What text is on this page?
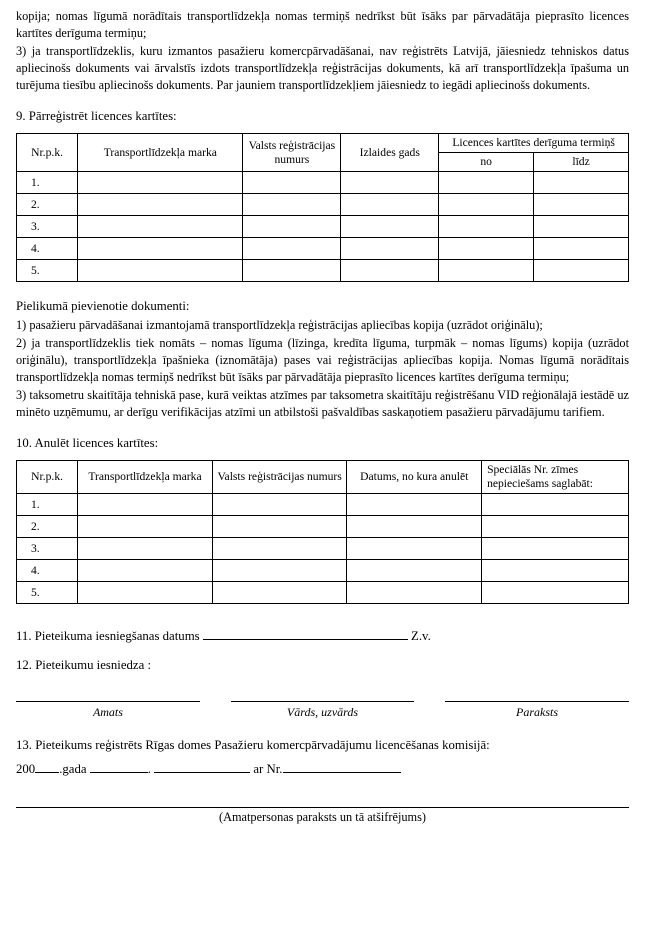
kopija; nomas līgumā norādītais transportlīdzekļa nomas termiņš nedrīkst būt īsāks par pārvadātāja pieprasīto licences kartītes derīguma termiņu;

3) ja transportlīdzeklis, kuru izmantos pasažieru komercpārvadāšanai, nav reģistrēts Latvijā, jāiesniedz tehniskos datus apliecinošs dokuments vai ārvalstīs izdots transportlīdzekļa reģistrācijas dokuments, kā arī transportlīdzekļa īpašuma un turējuma tiesību apliecinošs dokuments. Par jauniem transportlīdzekļiem jāiesniedz to iegādi apliecinošs dokuments.

9. Pārreģistrēt licences kartītes:
Nr.p.k.	Transportlīdzekļa marka	Valsts reģistrācijas numurs	Izlaides gads	Licences kartītes derīguma termiņš	
				no	līdz
1.					
2.					
3.					
4.					
5.					
Pielikumā pievienotie dokumenti:

1) pasažieru pārvadāšanai izmantojamā transportlīdzekļa reģistrācijas apliecības kopija (uzrādot oriģinālu);

2) ja transportlīdzeklis tiek nomāts – nomas līguma (līzinga, kredīta līguma, turpmāk – nomas līgums) kopija (uzrādot oriģinālu), transportlīdzekļa īpašnieka (iznomātāja) pases vai reģistrācijas apliecības kopija. Nomas līgumā norādītais transportlīdzekļa nomas termiņš nedrīkst būt īsāks par pārvadātāja pieprasīto licences kartītes derīguma termiņu;

3) taksometru skaitītāja tehniskā pase, kurā veiktas atzīmes par taksometra skaitītāju reģistrēšanu VID reģionālajā iestādē uz minēto uzņēmumu, ar derīgu verifikācijas atzīmi un atbilstoši pašvaldības saskaņotiem pasažieru pārvadājumu tarifiem.

10. Anulēt licences kartītes:
Nr.p.k.	Transportlīdzekļa marka	Valsts reģistrācijas numurs	Datums, no kura anulēt	Speciālās Nr. zīmes nepieciešams saglabāt:
1.				
2.				
3.				
4.				
5.				

11. Pieteikuma iesniegšanas datums	Z.v.

12. Pieteikumu iesniedza :

Amats	Vārds, uzvārds	Paraksts

13. Pieteikums reģistrēts Rīgas domes Pasažieru komercpārvadājumu licencēšanas komisijā:

200 .gada	.	ar Nr.

(Amatpersonas paraksts un tā atšifrējums)
